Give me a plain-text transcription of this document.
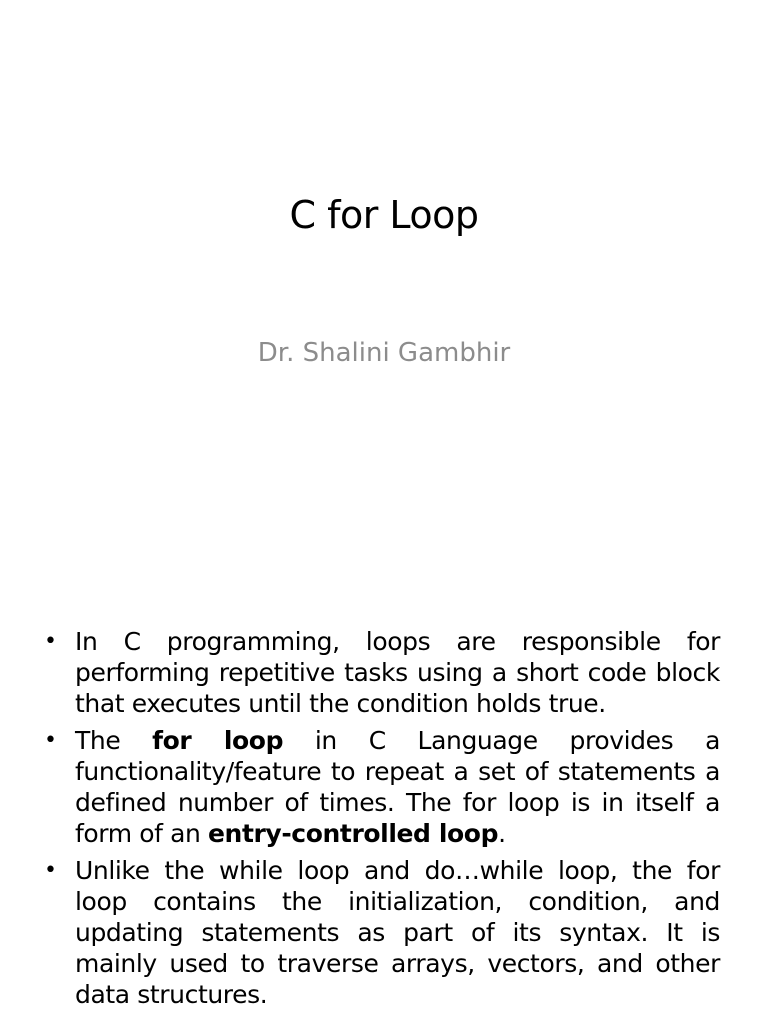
C for Loop

Dr. Shalini Gambhir

• In C programming, loops are responsible for performing repetitive tasks using a short code block that executes until the condition holds true.
• The for loop in C Language provides a functionality/feature to repeat a set of statements a defined number of times. The for loop is in itself a form of an entry-controlled loop.
• Unlike the while loop and do…while loop, the for loop contains the initialization, condition, and updating statements as part of its syntax. It is mainly used to traverse arrays, vectors, and other data structures.
